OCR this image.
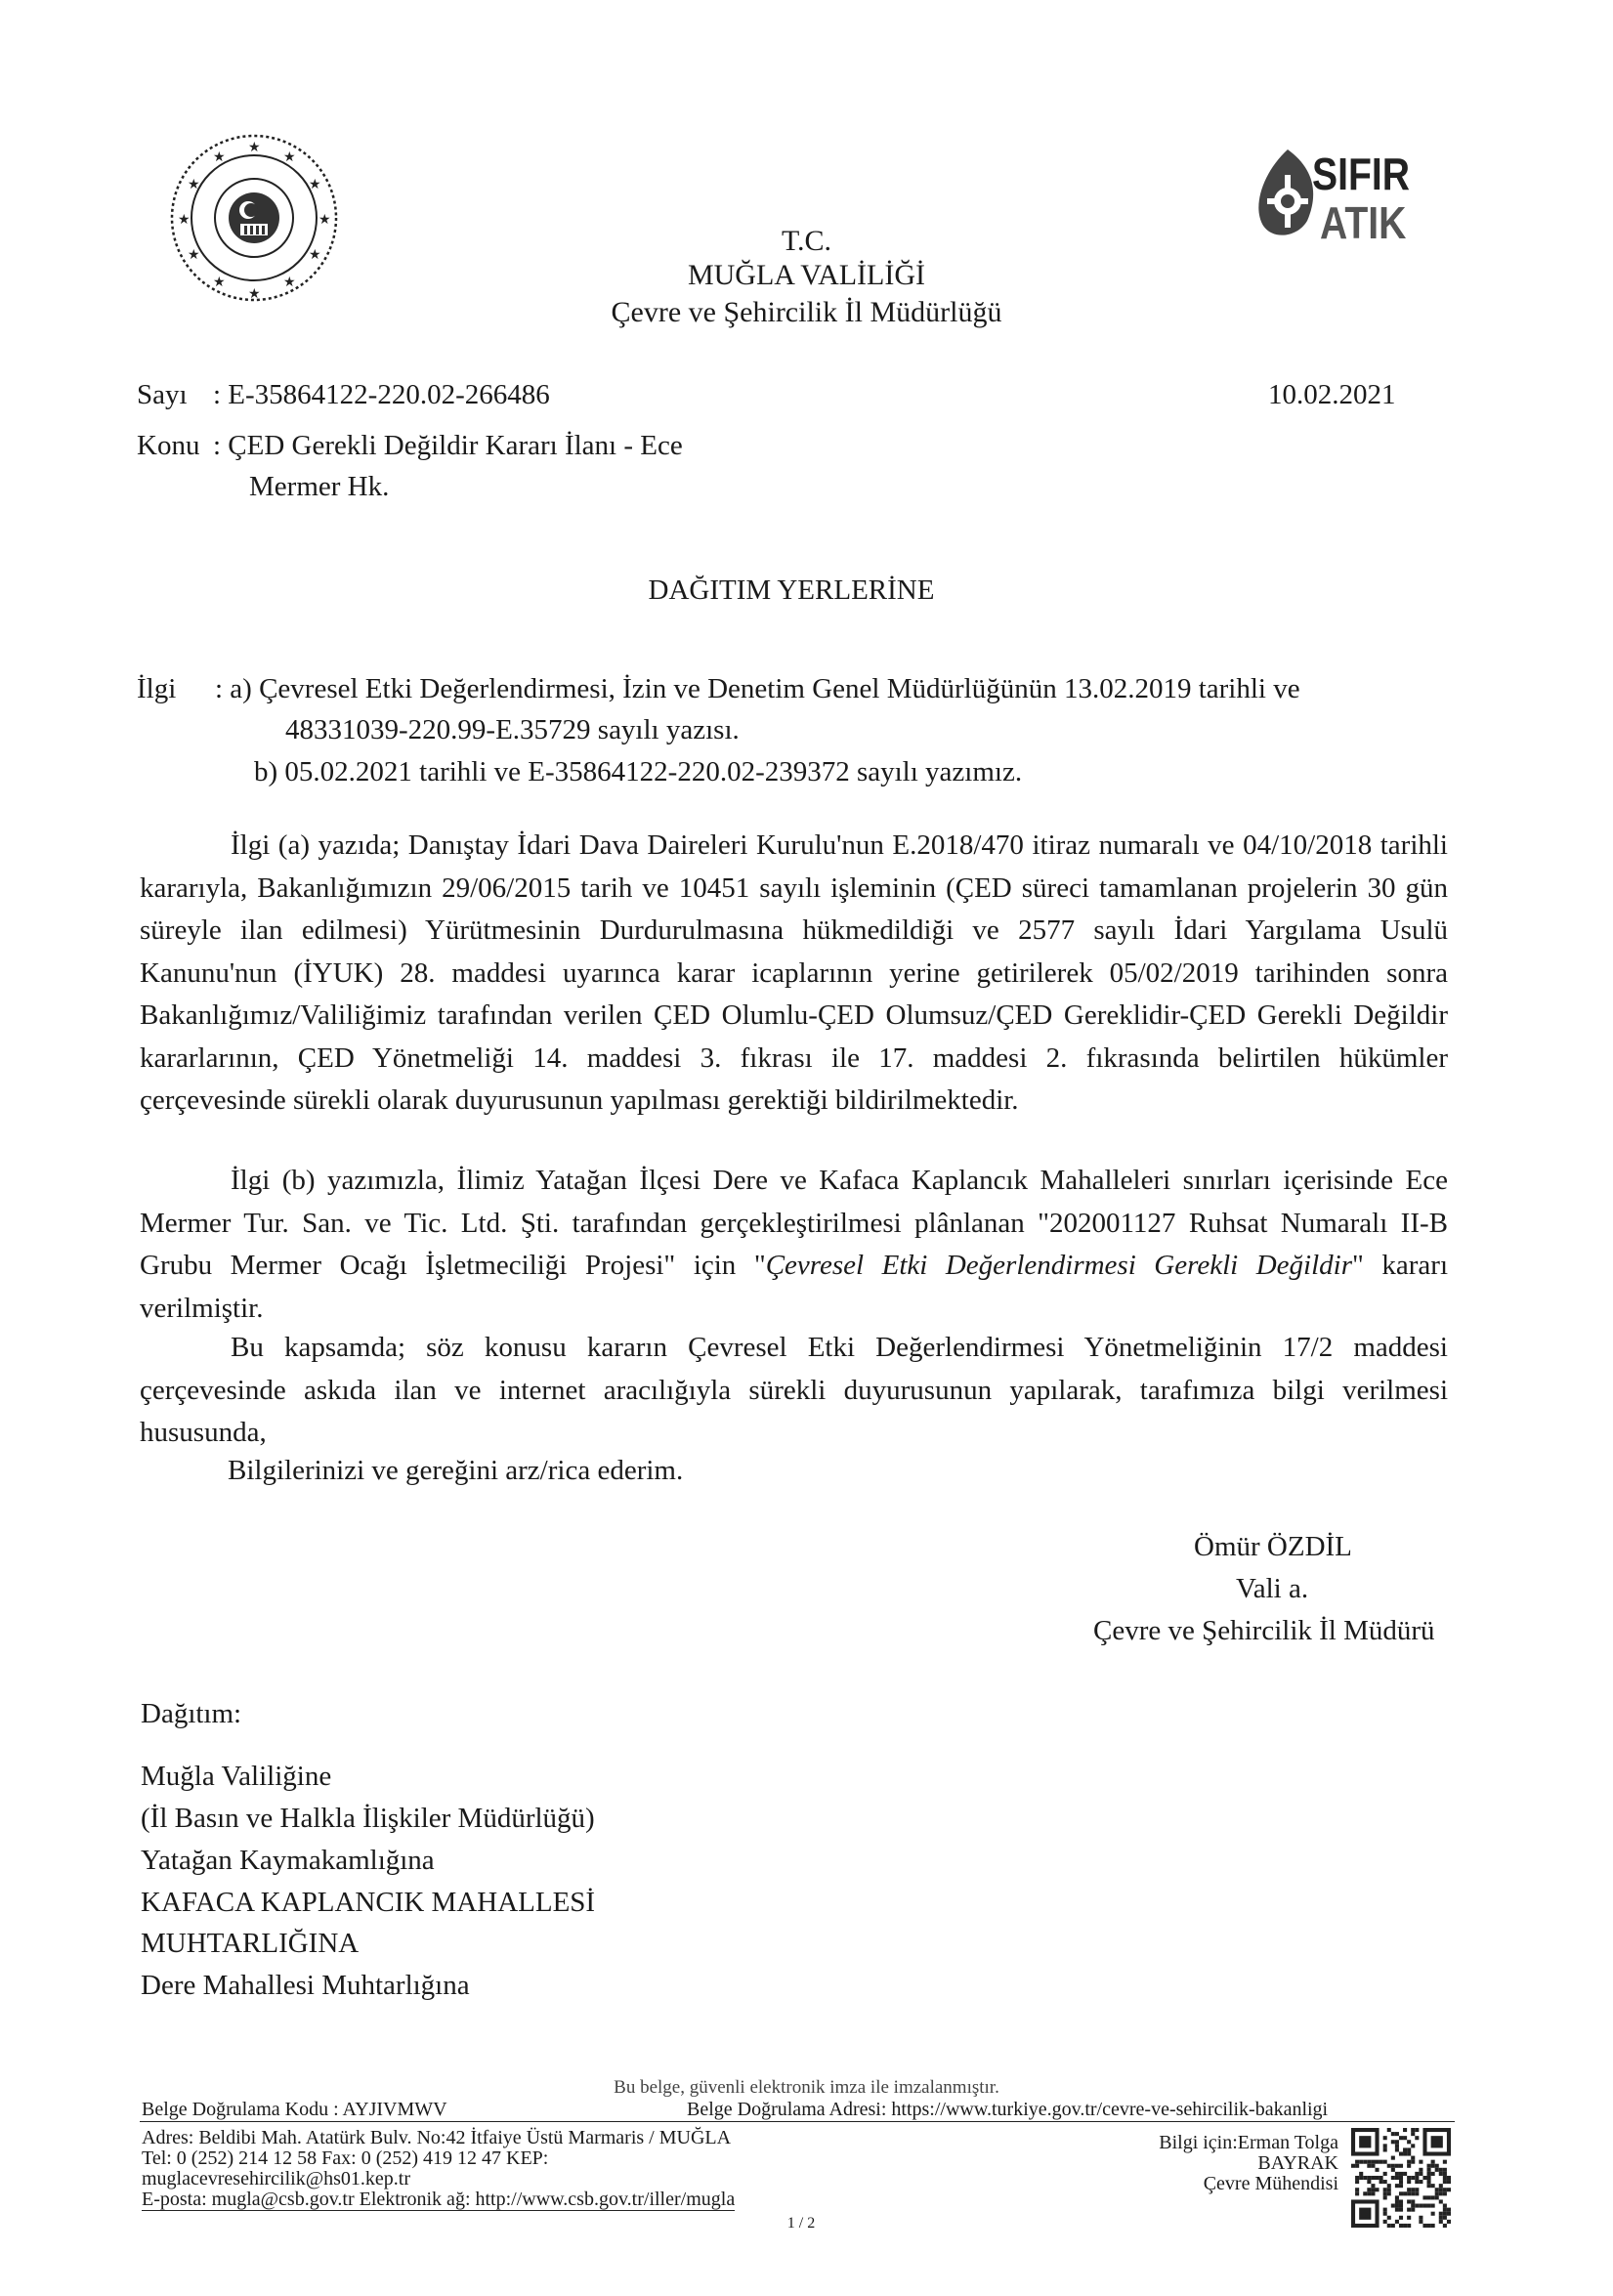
★
★
★
★
★
★
★
★
★
★
★
★
SIFIR
ATIK
T.C.
MUĞLA VALİLİĞİ
Çevre ve Şehircilik İl Müdürlüğü
Sayı : E-35864122-220.02-266486	10.02.2021
Konu : ÇED Gerekli Değildir Kararı İlanı - Ece
Mermer Hk.
DAĞITIM YERLERİNE
İlgi : a) Çevresel Etki Değerlendirmesi, İzin ve Denetim Genel Müdürlüğünün 13.02.2019 tarihli ve
48331039-220.99-E.35729 sayılı yazısı.
b) 05.02.2021 tarihli ve E-35864122-220.02-239372 sayılı yazımız.

İlgi (a) yazıda; Danıştay İdari Dava Daireleri Kurulu'nun E.2018/470 itiraz numaralı ve 04/10/2018 tarihli kararıyla, Bakanlığımızın 29/06/2015 tarih ve 10451 sayılı işleminin (ÇED süreci tamamlanan projelerin 30 gün süreyle ilan edilmesi) Yürütmesinin Durdurulmasına hükmedildiği ve 2577 sayılı İdari Yargılama Usulü Kanunu'nun (İYUK) 28. maddesi uyarınca karar icaplarının yerine getirilerek 05/02/2019 tarihinden sonra Bakanlığımız/Valiliğimiz tarafından verilen ÇED Olumlu-ÇED Olumsuz/ÇED Gereklidir-ÇED Gerekli Değildir kararlarının, ÇED Yönetmeliği 14. maddesi 3. fıkrası ile 17. maddesi 2. fıkrasında belirtilen hükümler çerçevesinde sürekli olarak duyurusunun yapılması gerektiği bildirilmektedir.

İlgi (b) yazımızla, İlimiz Yatağan İlçesi Dere ve Kafaca Kaplancık Mahalleleri sınırları içerisinde Ece Mermer Tur. San. ve Tic. Ltd. Şti. tarafından gerçekleştirilmesi plânlanan "202001127 Ruhsat Numaralı II-B Grubu Mermer Ocağı İşletmeciliği Projesi" için "Çevresel Etki Değerlendirmesi Gerekli Değildir" kararı verilmiştir.

Bu kapsamda; söz konusu kararın Çevresel Etki Değerlendirmesi Yönetmeliğinin 17/2 maddesi çerçevesinde askıda ilan ve internet aracılığıyla sürekli duyurusunun yapılarak, tarafımıza bilgi verilmesi hususunda,

Bilgilerinizi ve gereğini arz/rica ederim.
Ömür ÖZDİL
Vali a.
Çevre ve Şehircilik İl Müdürü
Dağıtım:
Muğla Valiliğine
(İl Basın ve Halkla İlişkiler Müdürlüğü)
Yatağan Kaymakamlığına
KAFACA KAPLANCIK MAHALLESİ
MUHTARLIĞINA
Dere Mahallesi Muhtarlığına
Bu belge, güvenli elektronik imza ile imzalanmıştır.
Belge Doğrulama Kodu : AYJIVMWV	Belge Doğrulama Adresi: https://www.turkiye.gov.tr/cevre-ve-sehircilik-bakanligi
Adres: Beldibi Mah. Atatürk Bulv. No:42 İtfaiye Üstü Marmaris / MUĞLA
Tel: 0 (252) 214 12 58 Fax: 0 (252) 419 12 47 KEP:
muglacevresehircilik@hs01.kep.tr
E-posta: mugla@csb.gov.tr Elektronik ağ: http://www.csb.gov.tr/iller/mugla
1 / 2
Bilgi için:Erman Tolga
BAYRAK
Çevre Mühendisi
